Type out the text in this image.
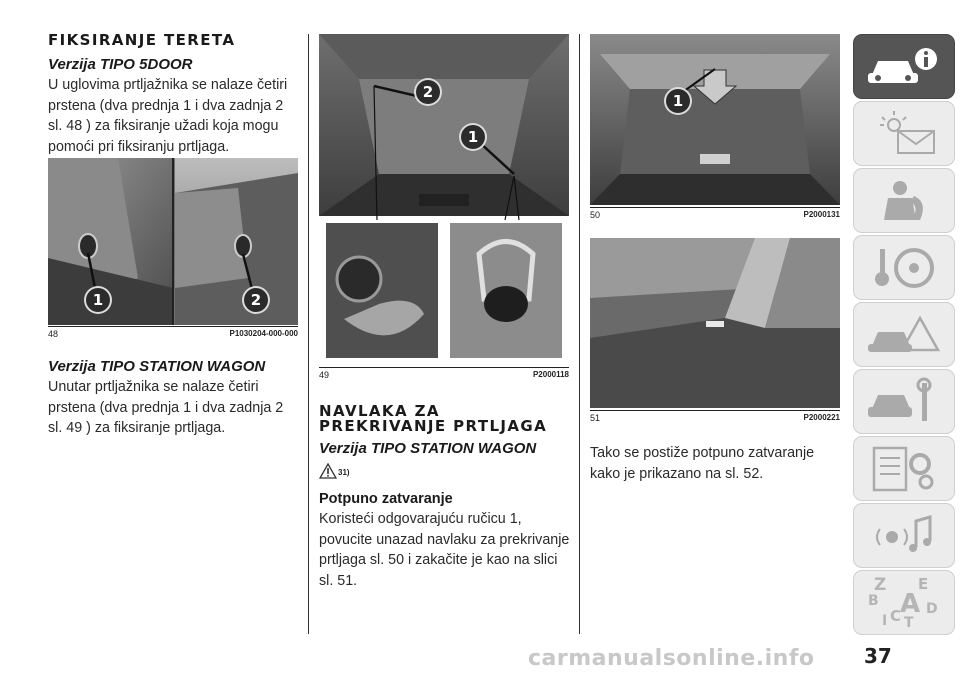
FIKSIRANJE TERETA
Verzija TIPO 5DOOR
U uglovima prtljažnika se nalaze četiri
prstena (dva prednja 1 i dva zadnja 2
sl. 48 ) za fiksiranje užadi koja mogu
pomoći pri fiksiranju prtljaga.
1	2
48	P1030204-000-000
Verzija TIPO STATION WAGON
Unutar prtljažnika se nalaze četiri
prstena (dva prednja 1 i dva zadnja 2
sl. 49 ) za fiksiranje prtljaga.
2
1
49	P2000118
NAVLAKA ZA
PREKRIVANJE PRTLJAGA
Verzija TIPO STATION WAGON
31)
Potpuno zatvaranje
Koristeći odgovarajuću ručicu 1,
povucite unazad navlaku za prekrivanje
prtljaga sl. 50 i zakačite je kao na slici
sl. 51.
1
50	P2000131
51	P2000221
Tako se postiže potpuno zatvaranje
kako je prikazano na sl. 52.
Z E
B A
C D
T
I
37
carmanualsonline.info
